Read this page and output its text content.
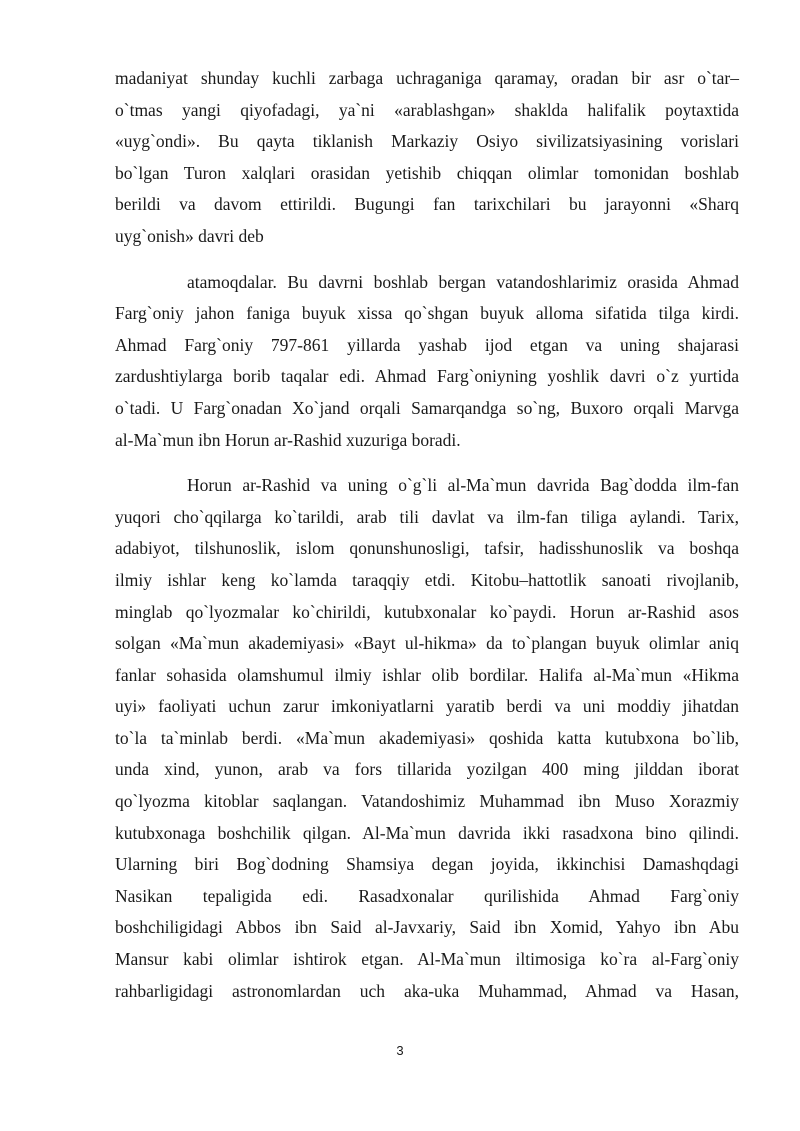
madaniyat shunday kuchli zarbaga uchraganiga qaramay, oradan bir asr o`tar–
o`tmas yangi qiyofadagi, ya`ni «arablashgan» shaklda halifalik poytaxtida
«uyg`ondi». Bu qayta tiklanish Markaziy Osiyo sivilizatsiyasining vorislari
bo`lgan Turon xalqlari orasidan yetishib chiqqan olimlar tomonidan boshlab
berildi va davom ettirildi. Bugungi fan tarixchilari bu jarayonni «Sharq
uyg`onish» davri deb
atamoqdalar. Bu davrni boshlab bergan vatandoshlarimiz orasida Ahmad
Farg`oniy jahon faniga buyuk xissa qo`shgan buyuk alloma sifatida tilga kirdi.
Ahmad Farg`oniy 797-861 yillarda yashab ijod etgan va uning shajarasi
zardushtiylarga borib taqalar edi. Ahmad Farg`oniyning yoshlik davri o`z yurtida
o`tadi. U Farg`onadan Xo`jand orqali Samarqandga so`ng, Buxoro orqali Marvga
al-Ma`mun ibn Horun ar-Rashid xuzuriga boradi.
Horun ar-Rashid va uning o`g`li al-Ma`mun davrida Bag`dodda ilm-fan
yuqori cho`qqilarga ko`tarildi, arab tili davlat va ilm-fan tiliga aylandi. Tarix,
adabiyot, tilshunoslik, islom qonunshunosligi, tafsir, hadisshunoslik va boshqa
ilmiy ishlar keng ko`lamda taraqqiy etdi. Kitobu–hattotlik sanoati rivojlanib,
minglab qo`lyozmalar ko`chirildi, kutubxonalar ko`paydi. Horun ar-Rashid asos
solgan «Ma`mun akademiyasi» «Bayt ul-hikma» da to`plangan buyuk olimlar aniq
fanlar sohasida olamshumul ilmiy ishlar olib bordilar. Halifa al-Ma`mun «Hikma
uyi» faoliyati uchun zarur imkoniyatlarni yaratib berdi va uni moddiy jihatdan
to`la ta`minlab berdi. «Ma`mun akademiyasi» qoshida katta kutubxona bo`lib,
unda xind, yunon, arab va fors tillarida yozilgan 400 ming jilddan iborat
qo`lyozma kitoblar saqlangan. Vatandoshimiz Muhammad ibn Muso Xorazmiy
kutubxonaga boshchilik qilgan. Al-Ma`mun davrida ikki rasadxona bino qilindi.
Ularning biri Bog`dodning Shamsiya degan joyida, ikkinchisi Damashqdagi
Nasikan tepaligida edi. Rasadxonalar qurilishida Ahmad Farg`oniy
boshchiligidagi Abbos ibn Said al-Javxariy, Said ibn Xomid, Yahyo ibn Abu
Mansur kabi olimlar ishtirok etgan. Al-Ma`mun iltimosiga ko`ra al-Farg`oniy
rahbarligidagi astronomlardan uch aka-uka Muhammad, Ahmad va Hasan,
3
